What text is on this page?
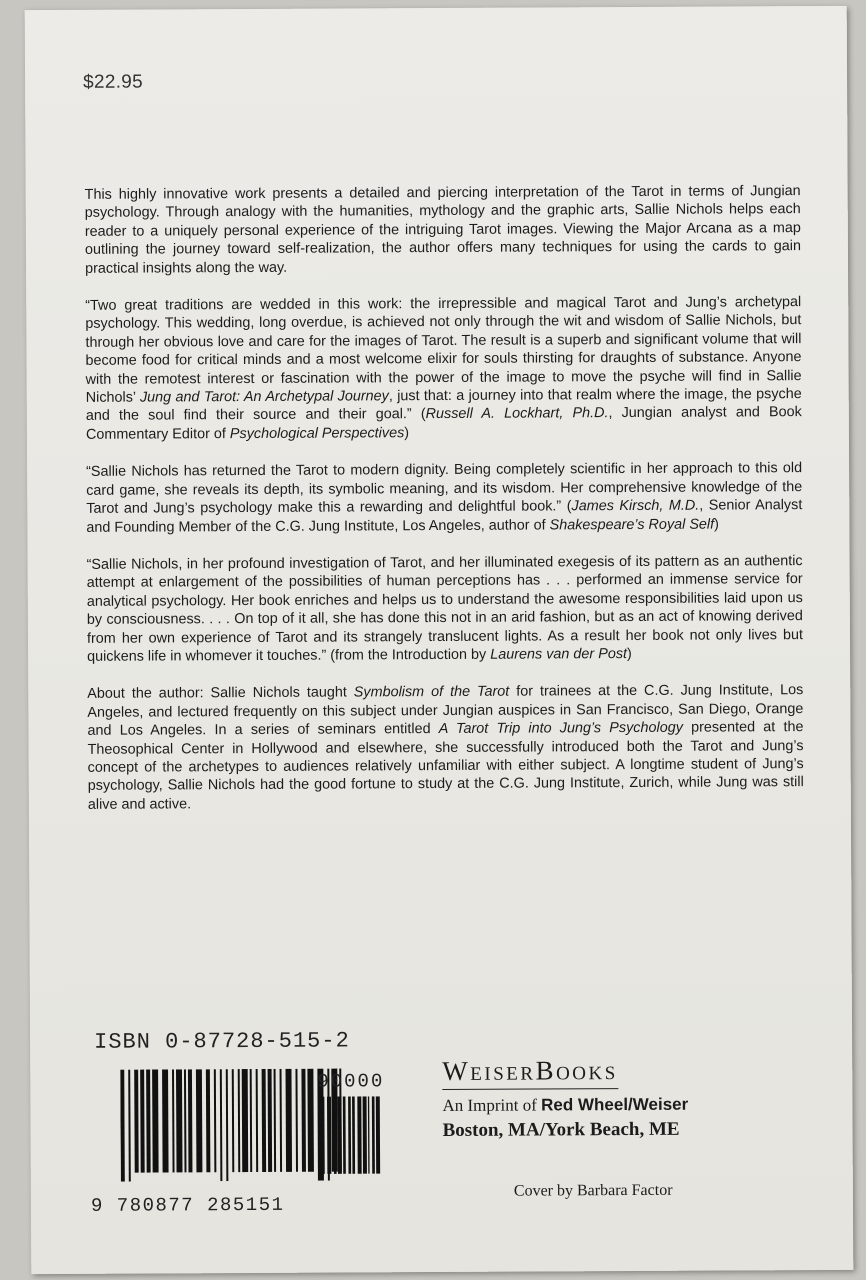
$22.95

This highly innovative work presents a detailed and piercing interpretation of the Tarot in terms of Jungian psychology. Through analogy with the humanities, mythology and the graphic arts, Sallie Nichols helps each reader to a uniquely personal experience of the intriguing Tarot images. Viewing the Major Arcana as a map outlining the journey toward self-realization, the author offers many techniques for using the cards to gain practical insights along the way.

“Two great traditions are wedded in this work: the irrepressible and magical Tarot and Jung’s archetypal psychology. This wedding, long overdue, is achieved not only through the wit and wisdom of Sallie Nichols, but through her obvious love and care for the images of Tarot. The result is a superb and significant volume that will become food for critical minds and a most welcome elixir for souls thirsting for draughts of substance. Anyone with the remotest interest or fascination with the power of the image to move the psyche will find in Sallie Nichols’ Jung and Tarot: An Archetypal Journey, just that: a journey into that realm where the image, the psyche and the soul find their source and their goal.” (Russell A. Lockhart, Ph.D., Jungian analyst and Book Commentary Editor of Psychological Perspectives)

“Sallie Nichols has returned the Tarot to modern dignity. Being completely scientific in her approach to this old card game, she reveals its depth, its symbolic meaning, and its wisdom. Her comprehensive knowledge of the Tarot and Jung’s psychology make this a rewarding and delightful book.” (James Kirsch, M.D., Senior Analyst and Founding Member of the C.G. Jung Institute, Los Angeles, author of Shakespeare’s Royal Self)

“Sallie Nichols, in her profound investigation of Tarot, and her illuminated exegesis of its pattern as an authentic attempt at enlargement of the possibilities of human perceptions has . . . performed an immense service for analytical psychology. Her book enriches and helps us to understand the awesome responsibilities laid upon us by consciousness. . . . On top of it all, she has done this not in an arid fashion, but as an act of knowing derived from her own experience of Tarot and its strangely translucent lights. As a result her book not only lives but quickens life in whomever it touches.” (from the Introduction by Laurens van der Post)

About the author: Sallie Nichols taught Symbolism of the Tarot for trainees at the C.G. Jung Institute, Los Angeles, and lectured frequently on this subject under Jungian auspices in San Francisco, San Diego, Orange and Los Angeles. In a series of seminars entitled A Tarot Trip into Jung’s Psychology presented at the Theosophical Center in Hollywood and elsewhere, she successfully introduced both the Tarot and Jung’s concept of the archetypes to audiences relatively unfamiliar with either subject. A longtime student of Jung’s psychology, Sallie Nichols had the good fortune to study at the C.G. Jung Institute, Zurich, while Jung was still alive and active.

ISBN 0-87728-515-2
90000
9 780877 285151
WeiserBooks
An Imprint of Red Wheel/Weiser
Boston, MA/York Beach, ME
Cover by Barbara Factor
